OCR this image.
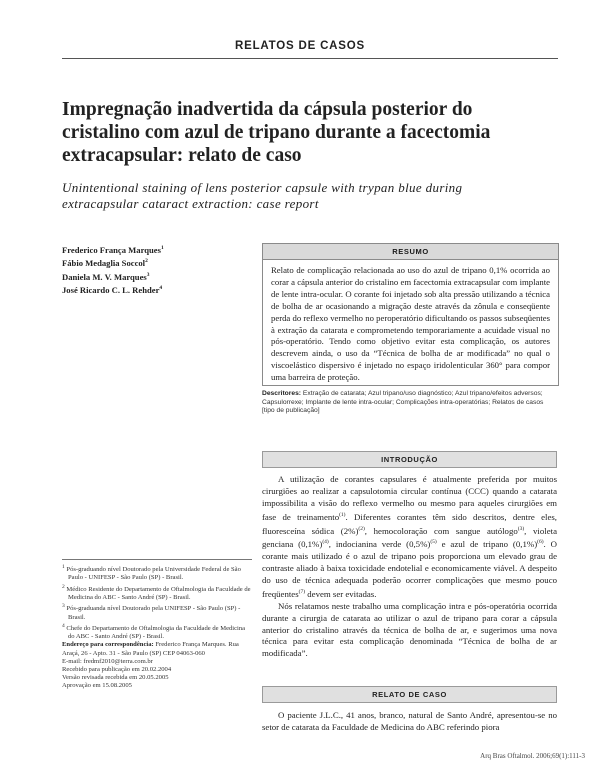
RELATOS DE CASOS
Impregnação inadvertida da cápsula posterior do cristalino com azul de tripano durante a facectomia extracapsular: relato de caso
Unintentional staining of lens posterior capsule with trypan blue during extracapsular cataract extraction: case report
Frederico França Marques$^1$
Fábio Medaglia Soccol$^2$
Daniela M. V. Marques$^3$
José Ricardo C. L. Rehder$^4$
RESUMO
Relato de complicação relacionada ao uso do azul de tripano 0,1% ocorrida ao corar a cápsula anterior do cristalino em facectomia extracapsular com implante de lente intra-ocular. O corante foi injetado sob alta pressão utilizando a técnica de bolha de ar ocasionando a migração deste através da zônula e conseqüente perda do reflexo vermelho no peroperatório dificultando os passos subseqüentes à extração da catarata e comprometendo temporariamente a acuidade visual no pós-operatório. Tendo como objetivo evitar esta complicação, os autores descrevem ainda, o uso da “Técnica de bolha de ar modificada” no qual o viscoelástico dispersivo é injetado no espaço iridolenticular 360° para compor uma barreira de proteção.
Descritores: Extração de catarata; Azul tripano/uso diagnóstico; Azul tripano/efeitos adversos; Capsulorrexe; Implante de lente intra-ocular; Complicações intra-operatórias; Relatos de casos [tipo de publicação]
INTRODUÇÃO

A utilização de corantes capsulares é atualmente preferida por muitos cirurgiões ao realizar a capsulotomia circular contínua (CCC) quando a catarata impossibilita a visão do reflexo vermelho ou mesmo para aqueles cirurgiões em fase de treinamento$^{(1)}$. Diferentes corantes têm sido descritos, dentre eles, fluoresceína sódica $(2\%)^{(2)}$, hemocoloração com sangue autólogo$^{(3)}$, violeta genciana $(0,1\%)^{(4)}$, indocianina verde $(0,5\%)^{(5)}$ e azul de tripano $(0,1\%)^{(6)}$. O corante mais utilizado é o azul de tripano pois proporciona um elevado grau de contraste aliado à baixa toxicidade endotelial e economicamente viável. A despeito do uso de técnica adequada poderão ocorrer complicações que mesmo pouco freqüentes$^{(7)}$ devem ser evitadas.

Nós relatamos neste trabalho uma complicação intra e pós-operatória ocorrida durante a cirurgia de catarata ao utilizar o azul de tripano para corar a cápsula anterior do cristalino através da técnica de bolha de ar, e sugerimos uma nova técnica para evitar esta complicação denominada “Técnica de bolha de ar modificada”.

RELATO DE CASO

O paciente J.L.C., 41 anos, branco, natural de Santo André, apresentou-se no setor de catarata da Faculdade de Medicina do ABC referindo piora

$^1$ Pós-graduando nível Doutorado pela Universidade Federal de São Paulo - UNIFESP - São Paulo (SP) - Brasil.
$^2$ Médico Residente do Departamento de Oftalmologia da Faculdade de Medicina do ABC - Santo André (SP) - Brasil.
$^3$ Pós-graduanda nível Doutorado pela UNIFESP - São Paulo (SP) - Brasil.
$^4$ Chefe do Departamento de Oftalmologia da Faculdade de Medicina do ABC - Santo André (SP) - Brasil.
Endereço para correspondência: Frederico França Marques. Rua Araçá, 26 - Apto. 31 - São Paulo (SP) CEP 04063-060
E-mail: fredmf2010@terra.com.br
Recebido para publicação em 20.02.2004
Versão revisada recebida em 20.05.2005
Aprovação em 15.08.2005
Arq Bras Oftalmol. 2006;69(1):111-3
